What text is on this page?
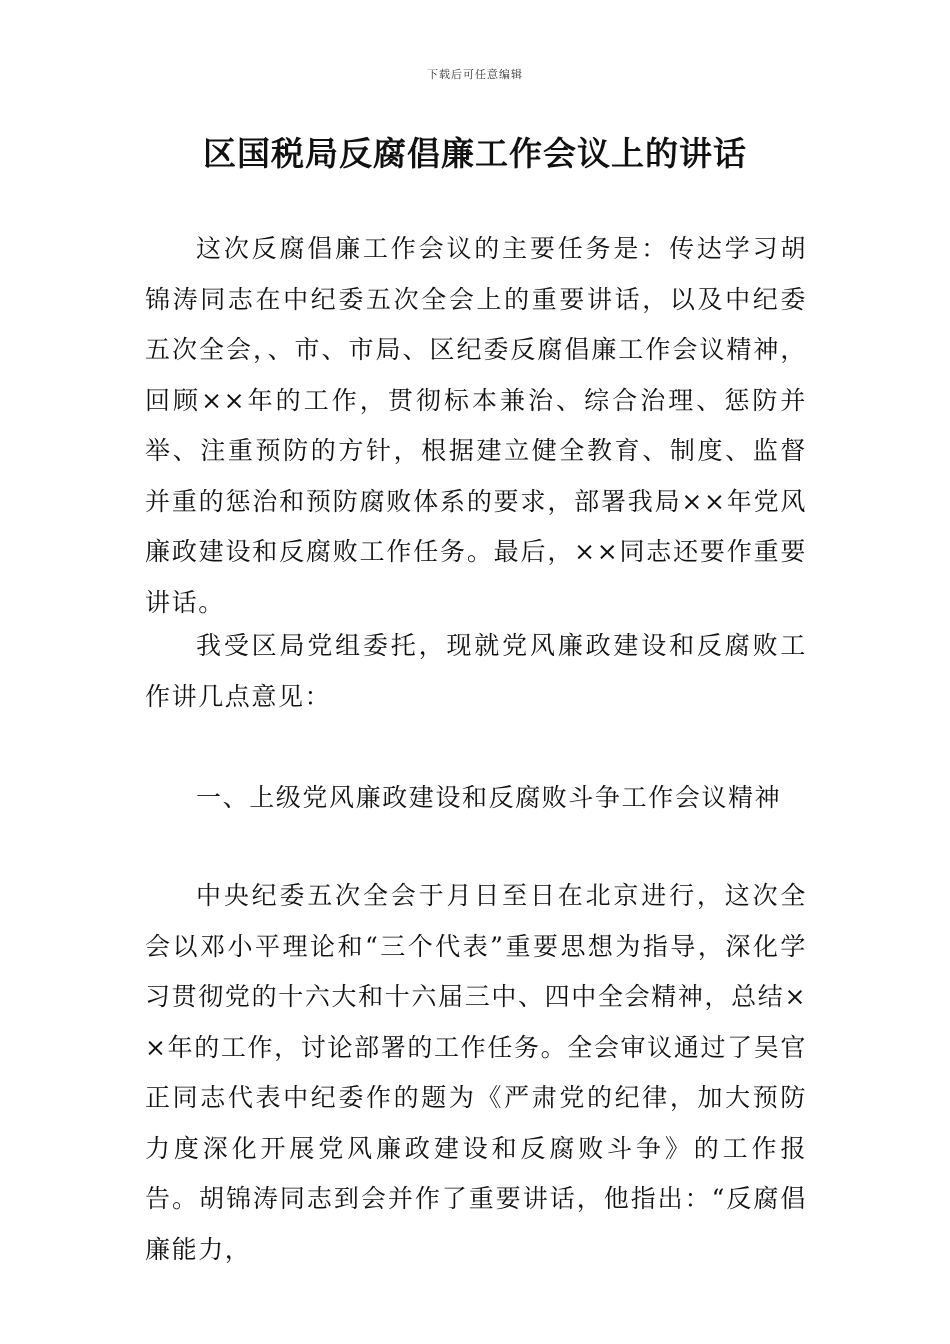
下载后可任意编辑
区国税局反腐倡廉工作会议上的讲话

这次反腐倡廉工作会议的主要任务是：传达学习胡锦涛同志在中纪委五次全会上的重要讲话，以及中纪委五次全会，、市、市局、区纪委反腐倡廉工作会议精神，回顾××年的工作，贯彻标本兼治、综合治理、惩防并举、注重预防的方针，根据建立健全教育、制度、监督并重的惩治和预防腐败体系的要求，部署我局××年党风廉政建设和反腐败工作任务。最后，××同志还要作重要讲话。

我受区局党组委托，现就党风廉政建设和反腐败工作讲几点意见：

一、上级党风廉政建设和反腐败斗争工作会议精神

中央纪委五次全会于月日至日在北京进行，这次全会以邓小平理论和“三个代表”重要思想为指导，深化学习贯彻党的十六大和十六届三中、四中全会精神，总结××年的工作，讨论部署的工作任务。全会审议通过了吴官正同志代表中纪委作的题为《严肃党的纪律，加大预防力度深化开展党风廉政建设和反腐败斗争》的工作报告。胡锦涛同志到会并作了重要讲话，他指出：“反腐倡廉能力，
